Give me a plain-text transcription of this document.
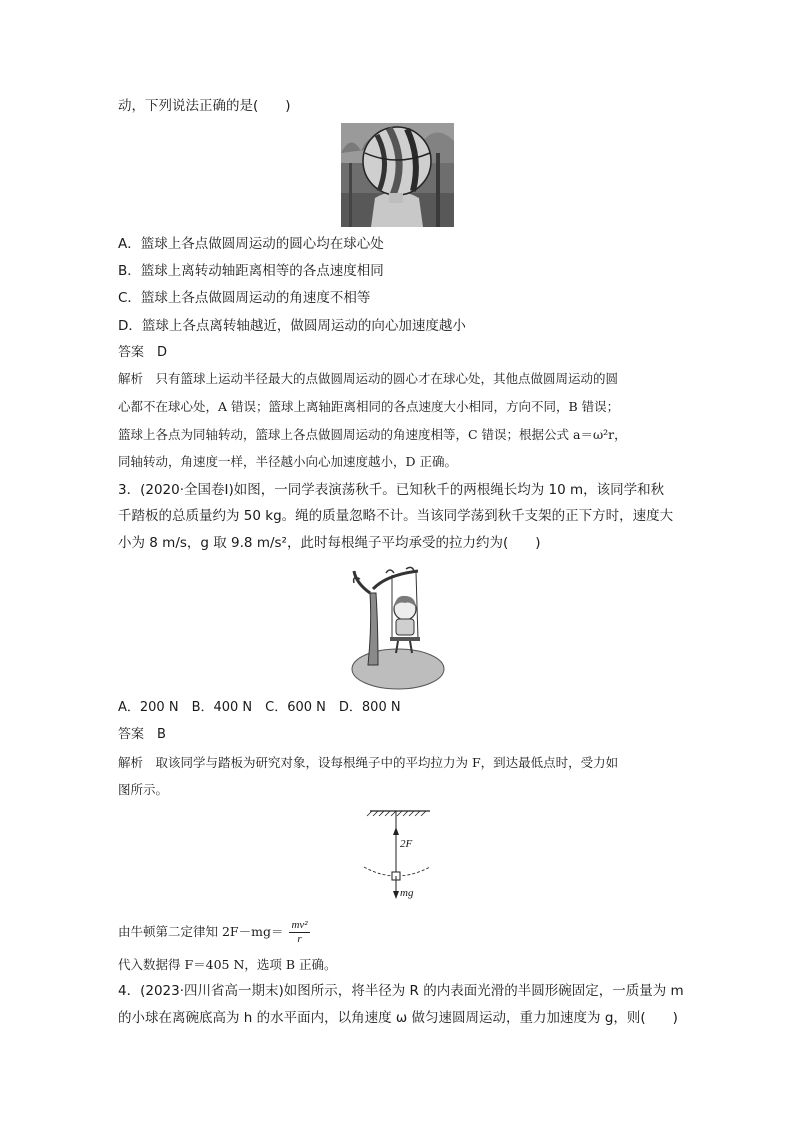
动，下列说法正确的是(　　)
A．篮球上各点做圆周运动的圆心均在球心处
B．篮球上离转动轴距离相等的各点速度相同
C．篮球上各点做圆周运动的角速度不相等
D．篮球上各点离转轴越近，做圆周运动的向心加速度越小
答案　D
解析　只有篮球上运动半径最大的点做圆周运动的圆心才在球心处，其他点做圆周运动的圆
心都不在球心处，A 错误；篮球上离轴距离相同的各点速度大小相同，方向不同，B 错误；
篮球上各点为同轴转动，篮球上各点做圆周运动的角速度相等，C 错误；根据公式 a＝ω²r，
同轴转动，角速度一样，半径越小向心加速度越小，D 正确。
3．(2020·全国卷Ⅰ)如图，一同学表演荡秋千。已知秋千的两根绳长均为 10 m，该同学和秋
千踏板的总质量约为 50 kg。绳的质量忽略不计。当该同学荡到秋千支架的正下方时，速度大
小为 8 m/s，g 取 9.8 m/s²，此时每根绳子平均承受的拉力约为(　　)
A．200 N　B．400 N　C．600 N　D．800 N
答案　B
解析　取该同学与踏板为研究对象，设每根绳子中的平均拉力为 F，到达最低点时，受力如
图所示。
2F
mg
由牛顿第二定律知 $2F-mg= \frac{\text{mv²}}{r}$
代入数据得 F＝405 N，选项 B 正确。
4．(2023·四川省高一期末)如图所示，将半径为 R 的内表面光滑的半圆形碗固定，一质量为 m
的小球在离碗底高为 h 的水平面内，以角速度 ω 做匀速圆周运动，重力加速度为 g，则(　　)
